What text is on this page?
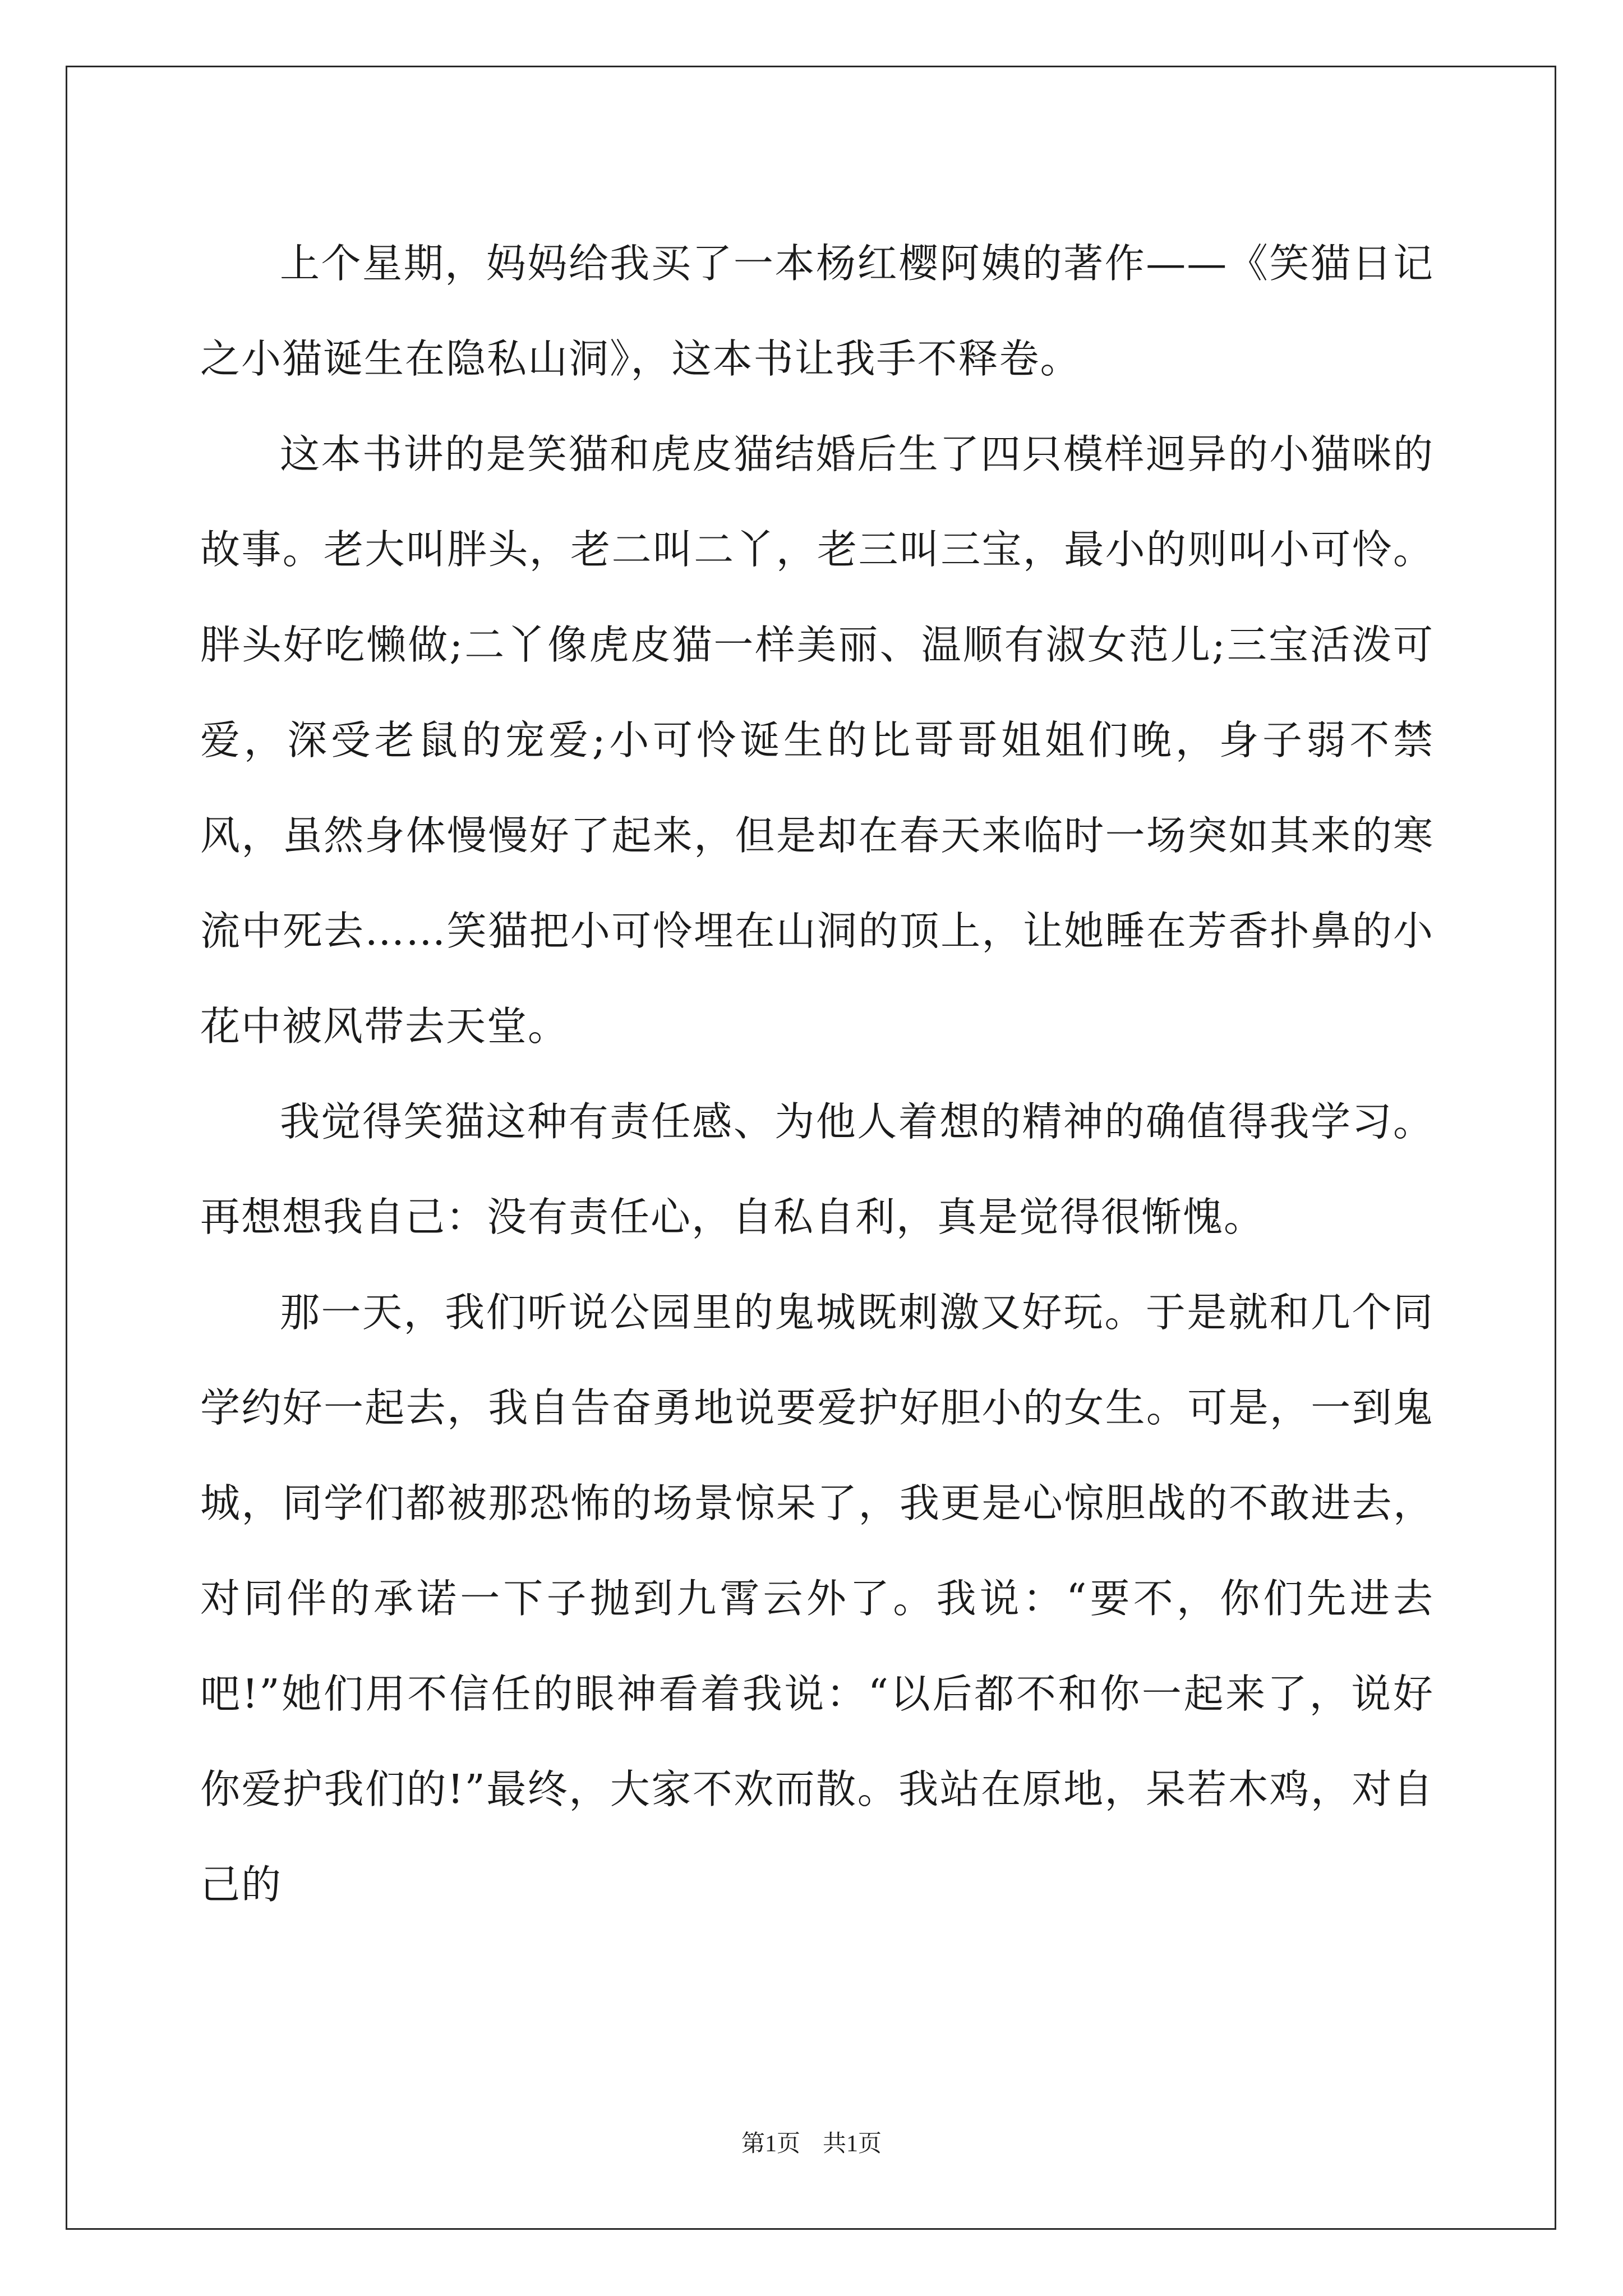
上个星期，妈妈给我买了一本杨红樱阿姨的著作——《笑猫日记之小猫诞生在隐私山洞》，这本书让我手不释卷。

这本书讲的是笑猫和虎皮猫结婚后生了四只模样迥异的小猫咪的故事。老大叫胖头，老二叫二丫，老三叫三宝，最小的则叫小可怜。胖头好吃懒做;二丫像虎皮猫一样美丽、温顺有淑女范儿;三宝活泼可爱，深受老鼠的宠爱;小可怜诞生的比哥哥姐姐们晚，身子弱不禁风，虽然身体慢慢好了起来，但是却在春天来临时一场突如其来的寒流中死去……笑猫把小可怜埋在山洞的顶上，让她睡在芳香扑鼻的小花中被风带去天堂。

我觉得笑猫这种有责任感、为他人着想的精神的确值得我学习。再想想我自己：没有责任心，自私自利，真是觉得很惭愧。

那一天，我们听说公园里的鬼城既刺激又好玩。于是就和几个同学约好一起去，我自告奋勇地说要爱护好胆小的女生。可是，一到鬼城，同学们都被那恐怖的场景惊呆了，我更是心惊胆战的不敢进去，对同伴的承诺一下子抛到九霄云外了。我说：“要不，你们先进去吧!”她们用不信任的眼神看着我说：“以后都不和你一起来了，说好你爱护我们的!”最终，大家不欢而散。我站在原地，呆若木鸡，对自己的

第1页 共1页
